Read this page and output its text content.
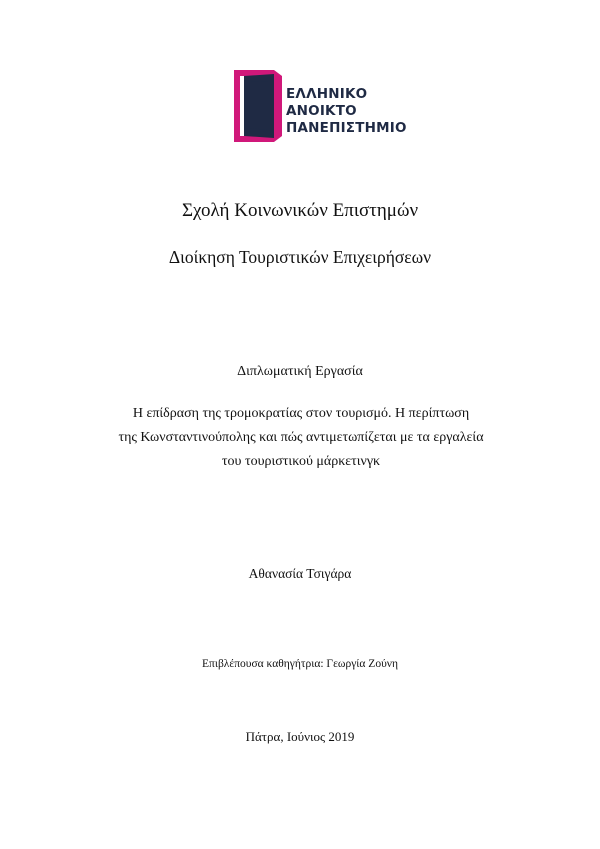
ΕΛΛΗΝΙΚΟ
ΑΝΟΙΚΤΟ
ΠΑΝΕΠΙΣΤΗΜΙΟ
Σχολή Κοινωνικών Επιστημών
Διοίκηση Τουριστικών Επιχειρήσεων
Διπλωματική Εργασία
Η επίδραση της τρομοκρατίας στον τουρισμό. Η περίπτωση
της Κωνσταντινούπολης και πώς αντιμετωπίζεται με τα εργαλεία
του τουριστικού μάρκετινγκ
Αθανασία Τσιγάρα
Επιβλέπουσα καθηγήτρια: Γεωργία Ζούνη
Πάτρα, Ιούνιος 2019
